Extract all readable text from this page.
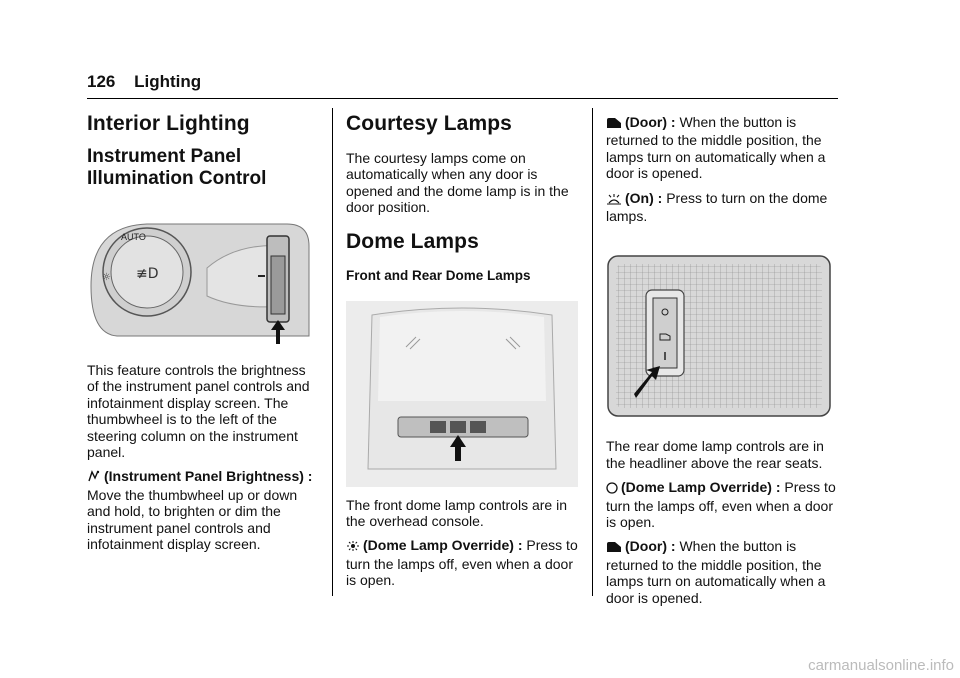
126 Lighting
Interior Lighting
Instrument Panel Illumination Control
≢D
AUTO
☼

This feature controls the brightness of the instrument panel controls and infotainment display screen. The thumbwheel is to the left of the steering column on the instrument panel.

(Instrument Panel Brightness) : Move the thumbwheel up or down and hold, to brighten or dim the instrument panel controls and infotainment display screen.

Courtesy Lamps

The courtesy lamps come on automatically when any door is opened and the dome lamp is in the door position.

Dome Lamps
Front and Rear Dome Lamps

The front dome lamp controls are in the overhead console.

(Dome Lamp Override) : Press to turn the lamps off, even when a door is open.

(Door) : When the button is returned to the middle position, the lamps turn on automatically when a door is opened.

(On) : Press to turn on the dome lamps.

The rear dome lamp controls are in the headliner above the rear seats.

(Dome Lamp Override) : Press to turn the lamps off, even when a door is open.

(Door) : When the button is returned to the middle position, the lamps turn on automatically when a door is opened.

carmanualsonline.info
